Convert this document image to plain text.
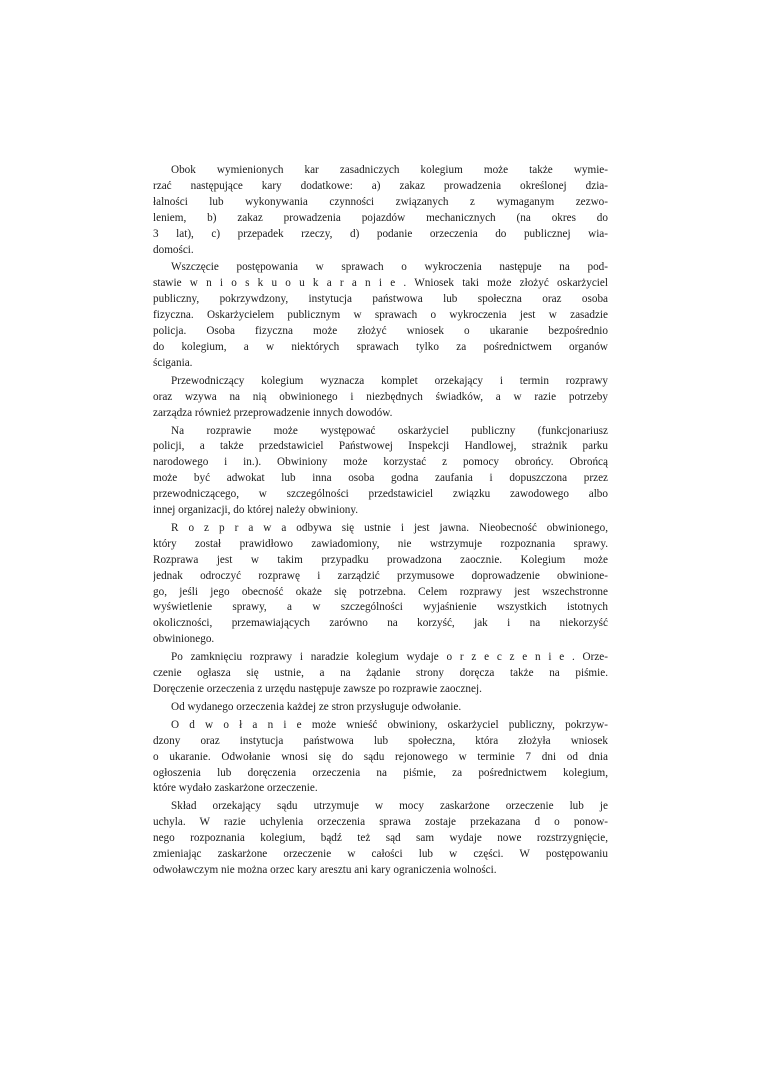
Obok wymienionych kar zasadniczych kolegium może także wymie-
rzać następujące kary dodatkowe: a) zakaz prowadzenia określonej dzia-
łalności lub wykonywania czynności związanych z wymaganym zezwo-
leniem, b) zakaz prowadzenia pojazdów mechanicznych (na okres do
3 lat), c) przepadek rzeczy, d) podanie orzeczenia do publicznej wia-
domości.
Wszczęcie postępowania w sprawach o wykroczenia następuje na pod-
stawie w n i o s k u o u k a r a n i e . Wniosek taki może złożyć oskarżyciel
publiczny, pokrzywdzony, instytucja państwowa lub społeczna oraz osoba
fizyczna. Oskarżycielem publicznym w sprawach o wykroczenia jest w zasadzie
policja. Osoba fizyczna może złożyć wniosek o ukaranie bezpośrednio
do kolegium, a w niektórych sprawach tylko za pośrednictwem organów
ścigania.
Przewodniczący kolegium wyznacza komplet orzekający i termin rozprawy
oraz wzywa na nią obwinionego i niezbędnych świadków, a w razie potrzeby
zarządza również przeprowadzenie innych dowodów.
Na rozprawie może występować oskarżyciel publiczny (funkcjonariusz
policji, a także przedstawiciel Państwowej Inspekcji Handlowej, strażnik parku
narodowego i in.). Obwiniony może korzystać z pomocy obrońcy. Obrońcą
może być adwokat lub inna osoba godna zaufania i dopuszczona przez
przewodniczącego, w szczególności przedstawiciel związku zawodowego albo
innej organizacji, do której należy obwiniony.
R o z p r a w a odbywa się ustnie i jest jawna. Nieobecność obwinionego,
który został prawidłowo zawiadomiony, nie wstrzymuje rozpoznania sprawy.
Rozprawa jest w takim przypadku prowadzona zaocznie. Kolegium może
jednak odroczyć rozprawę i zarządzić przymusowe doprowadzenie obwinione-
go, jeśli jego obecność okaże się potrzebna. Celem rozprawy jest wszechstronne
wyświetlenie sprawy, a w szczególności wyjaśnienie wszystkich istotnych
okoliczności, przemawiających zarówno na korzyść, jak i na niekorzyść
obwinionego.
Po zamknięciu rozprawy i naradzie kolegium wydaje o r z e c z e n i e . Orze-
czenie ogłasza się ustnie, a na żądanie strony doręcza także na piśmie.
Doręczenie orzeczenia z urzędu następuje zawsze po rozprawie zaocznej.
Od wydanego orzeczenia każdej ze stron przysługuje odwołanie.
O d w o ł a n i e może wnieść obwiniony, oskarżyciel publiczny, pokrzyw-
dzony oraz instytucja państwowa lub społeczna, która złożyła wniosek
o ukaranie. Odwołanie wnosi się do sądu rejonowego w terminie 7 dni od dnia
ogłoszenia lub doręczenia orzeczenia na piśmie, za pośrednictwem kolegium,
które wydało zaskarżone orzeczenie.
Skład orzekający sądu utrzymuje w mocy zaskarżone orzeczenie lub je
uchyla. W razie uchylenia orzeczenia sprawa zostaje przekazana d o ponow-
nego rozpoznania kolegium, bądź też sąd sam wydaje nowe rozstrzygnięcie,
zmieniając zaskarżone orzeczenie w całości lub w części. W postępowaniu
odwoławczym nie można orzec kary aresztu ani kary ograniczenia wolności.
